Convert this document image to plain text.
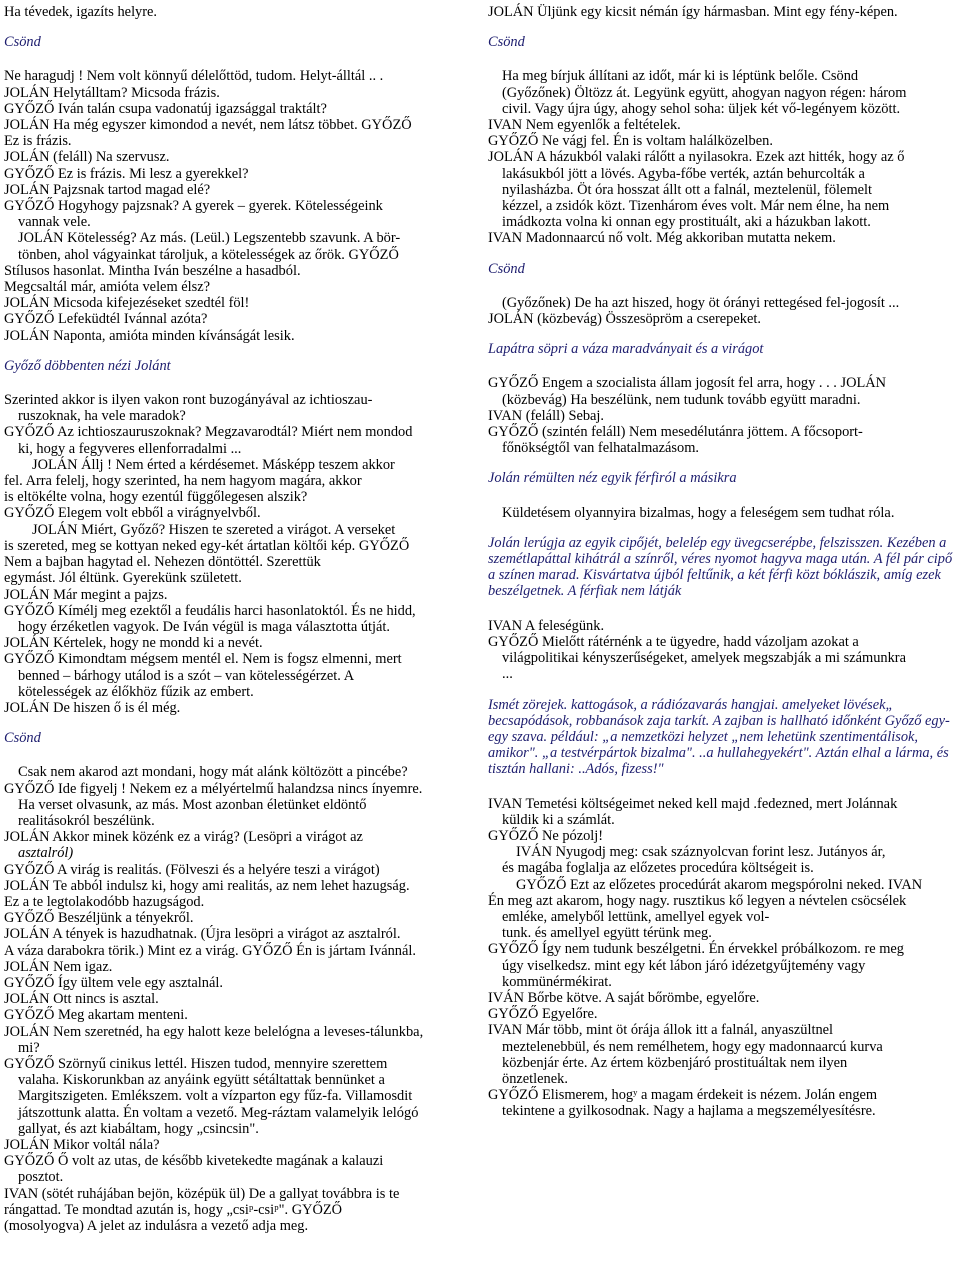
Ha tévedek, igazíts helyre.
Csönd
Ne haragudj ! Nem volt könnyű délelőttöd, tudom. Helyt-álltál .. .
JOLÁN Helytálltam? Micsoda frázis.
GYŐZŐ Iván talán csupa vadonatúj igazsággal traktált?
JOLÁN Ha még egyszer kimondod a nevét, nem látsz többet. GYŐZŐ
Ez is frázis.
JOLÁN (feláll) Na szervusz.
GYŐZŐ Ez is frázis. Mi lesz a gyerekkel?
JOLÁN Pajzsnak tartod magad elé?
GYŐZŐ Hogyhogy pajzsnak? A gyerek – gyerek. Kötelességeink
vannak vele.
JOLÁN Kötelesség? Az más. (Leül.) Legszentebb szavunk. A bör-
tönben, ahol vágyainkat tároljuk, a kötelességek az őrök. GYŐZŐ
Stílusos hasonlat. Mintha Iván beszélne a hasadból.
Megcsaltál már, amióta velem élsz?
JOLÁN Micsoda kifejezéseket szedtél föl!
GYŐZŐ Lefeküdtél Ivánnal azóta?
JOLÁN Naponta, amióta minden kívánságát lesik.
Győző döbbenten nézi Jolánt
Szerinted akkor is ilyen vakon ront buzogányával az ichtioszau-
ruszoknak, ha vele maradok?
GYŐZŐ Az ichtioszauruszoknak? Megzavarodtál? Miért nem mondod
ki, hogy a fegyveres ellenforradalmi ...
JOLÁN Állj ! Nem érted a kérdésemet. Másképp teszem akkor
fel. Arra felelj, hogy szerinted, ha nem hagyom magára, akkor
is eltökélte volna, hogy ezentúl függőlegesen alszik?
GYŐZŐ Elegem volt ebből a virágnyelvből.
JOLÁN Miért, Győző? Hiszen te szereted a virágot. A verseket
is szereted, meg se kottyan neked egy-két ártatlan költői kép. GYŐZŐ
Nem a bajban hagytad el. Nehezen döntöttél. Szerettük
egymást. Jól éltünk. Gyerekünk született.
JOLÁN Már megint a pajzs.
GYŐZŐ Kímélj meg ezektől a feudális harci hasonlatoktól. És ne hidd,
hogy érzéketlen vagyok. De Iván végül is maga választotta útját.
JOLÁN Kértelek, hogy ne mondd ki a nevét.
GYŐZŐ Kimondtam mégsem mentél el. Nem is fogsz elmenni, mert
benned – bárhogy utálod is a szót – van kötelességérzet. A
kötelességek az élőkhöz fűzik az embert.
JOLÁN De hiszen ő is él még.
Csönd
Csak nem akarod azt mondani, hogy mát alánk költözött a pincébe?
GYŐZŐ Ide figyelj ! Nekem ez a mélyértelmű halandzsa nincs ínyemre.
Ha verset olvasunk, az más. Most azonban életünket eldöntő
realitásokról beszélünk.
JOLÁN Akkor minek közénk ez a virág? (Lesöpri a virágot az
asztalról)
GYŐZŐ A virág is realitás. (Fölveszi és a helyére teszi a virágot)
JOLÁN Te abból indulsz ki, hogy ami realitás, az nem lehet hazugság.
Ez a te legtolakodóbb hazugságod.
GYŐZŐ Beszéljünk a tényekről.
JOLÁN A tények is hazudhatnak. (Újra lesöpri a virágot az asztalról.
A váza darabokra törik.) Mint ez a virág. GYŐZŐ Én is jártam Ivánnál.
JOLÁN Nem igaz.
GYŐZŐ Így ültem vele egy asztalnál.
JOLÁN Ott nincs is asztal.
GYŐZŐ Meg akartam menteni.
JOLÁN Nem szeretnéd, ha egy halott keze belelógna a leveses-tálunkba,
mi?
GYŐZŐ Szörnyű cinikus lettél. Hiszen tudod, mennyire szerettem
valaha. Kiskorunkban az anyáink együtt sétáltattak bennünket a
Margitszigeten. Emlékszem. volt a vízparton egy fűz-fa. Villamosdit
játszottunk alatta. Én voltam a vezető. Meg-ráztam valamelyik lelógó
gallyat, és azt kiabáltam, hogy „csincsin".
JOLÁN Mikor voltál nála?
GYŐZŐ Ő volt az utas, de később kivetekedte magának a kalauzi
posztot.
IVAN (sötét ruhájában bejön, középük ül) De a gallyat továbbra is te
rángattad. Te mondtad azután is, hogy „csiᵖ-csiᵖ". GYŐZŐ
(mosolyogva) A jelet az indulásra a vezető adja meg.
JOLÁN Üljünk egy kicsit némán így hármasban. Mint egy fény-képen.
Csönd
Ha meg bírjuk állítani az időt, már ki is léptünk belőle. Csönd
(Győzőnek) Öltözz át. Legyünk együtt, ahogyan nagyon régen: három
civil. Vagy újra úgy, ahogy sehol soha: üljek két vő-legényem között.
IVAN Nem egyenlők a feltételek.
GYŐZŐ Ne vágj fel. Én is voltam halálközelben.
JOLÁN A házukból valaki rálőtt a nyilasokra. Ezek azt hitték, hogy az ő
lakásukból jött a lövés. Agyba-főbe verték, aztán behurcolták a
nyilasházba. Öt óra hosszat állt ott a falnál, meztelenül, fölemelt
kézzel, a zsidók közt. Tizenhárom éves volt. Már nem élne, ha nem
imádkozta volna ki onnan egy prostituált, aki a házukban lakott.
IVAN Madonnaarcú nő volt. Még akkoriban mutatta nekem.
Csönd
(Győzőnek) De ha azt hiszed, hogy öt órányi rettegésed fel-jogosít ...
JOLÁN (közbevág) Összesöpröm a cserepeket.
Lapátra söpri a váza maradványait és a virágot
GYŐZŐ Engem a szocialista állam jogosít fel arra, hogy . . . JOLÁN
(közbevág) Ha beszélünk, nem tudunk tovább együtt maradni.
IVAN (feláll) Sebaj.
GYŐZŐ (szintén feláll) Nem mesedélutánra jöttem. A főcsoport-
főnökségtől van felhatalmazásom.
Jolán rémülten néz egyik férfiról a másikra
Küldetésem olyannyira bizalmas, hogy a feleségem sem tudhat róla.
Jolán lerúgja az egyik cipőjét, belelép egy üvegcserépbe, felszisszen. Kezében a szemétlapáttal kihátrál a színről, véres nyomot hagyva maga után. A fél pár cipő a színen marad. Kisvártatva újból feltűnik, a két férfi közt bóklászik, amíg ezek beszélgetnek. A férfiak nem látják
IVAN A feleségünk.
GYŐZŐ Mielőtt rátérnénk a te ügyedre, hadd vázoljam azokat a
világpolitikai kényszerűségeket, amelyek megszabják a mi számunkra
...
Ismét zörejek. kattogások, a rádiózavarás hangjai. amelyeket lövések„ becsapódások, robbanások zaja tarkít. A zajban is hallható időnként Győző egy-egy szava. például: „a nemzetközi helyzet „nem lehetünk szentimentálisok, amikor". „a testvérpártok bizalma". ..a hullahegyekért". Aztán elhal a lárma, és tisztán hallani: ..Adós, fizess!"
IVAN Temetési költségeimet neked kell majd .fedezned, mert Jolánnak
küldik ki a számlát.
GYŐZŐ Ne pózolj!
IVÁN Nyugodj meg: csak száznyolcvan forint lesz. Jutányos ár,
és magába foglalja az előzetes procedúra költségeit is.
GYŐZŐ Ezt az előzetes procedúrát akarom megspórolni neked. IVAN
Én meg azt akarom, hogy nagy. rusztikus kő legyen a névtelen csöcsélek
emléke, amelyből lettünk, amellyel egyek vol-
tunk. és amellyel együtt térünk meg.
GYŐZŐ Így nem tudunk beszélgetni. Én érvekkel próbálkozom. re meg
úgy viselkedsz. mint egy két lábon járó idézetgyűjtemény vagy
kommünérmékirat.
IVÁN Bőrbe kötve. A saját bőrömbe, egyelőre.
GYŐZŐ Egyelőre.
IVAN Már több, mint öt órája állok itt a falnál, anyaszültnel
meztelenebbül, és nem remélhetem, hogy egy madonnaarcú kurva
közbenjár érte. Az értem közbenjáró prostituáltak nem ilyen
önzetlenek.
GYŐZŐ Elismerem, hogʸ a magam érdekeit is nézem. Jolán engem
tekintene a gyilkosodnak. Nagy a hajlama a megszemélyesítésre.
